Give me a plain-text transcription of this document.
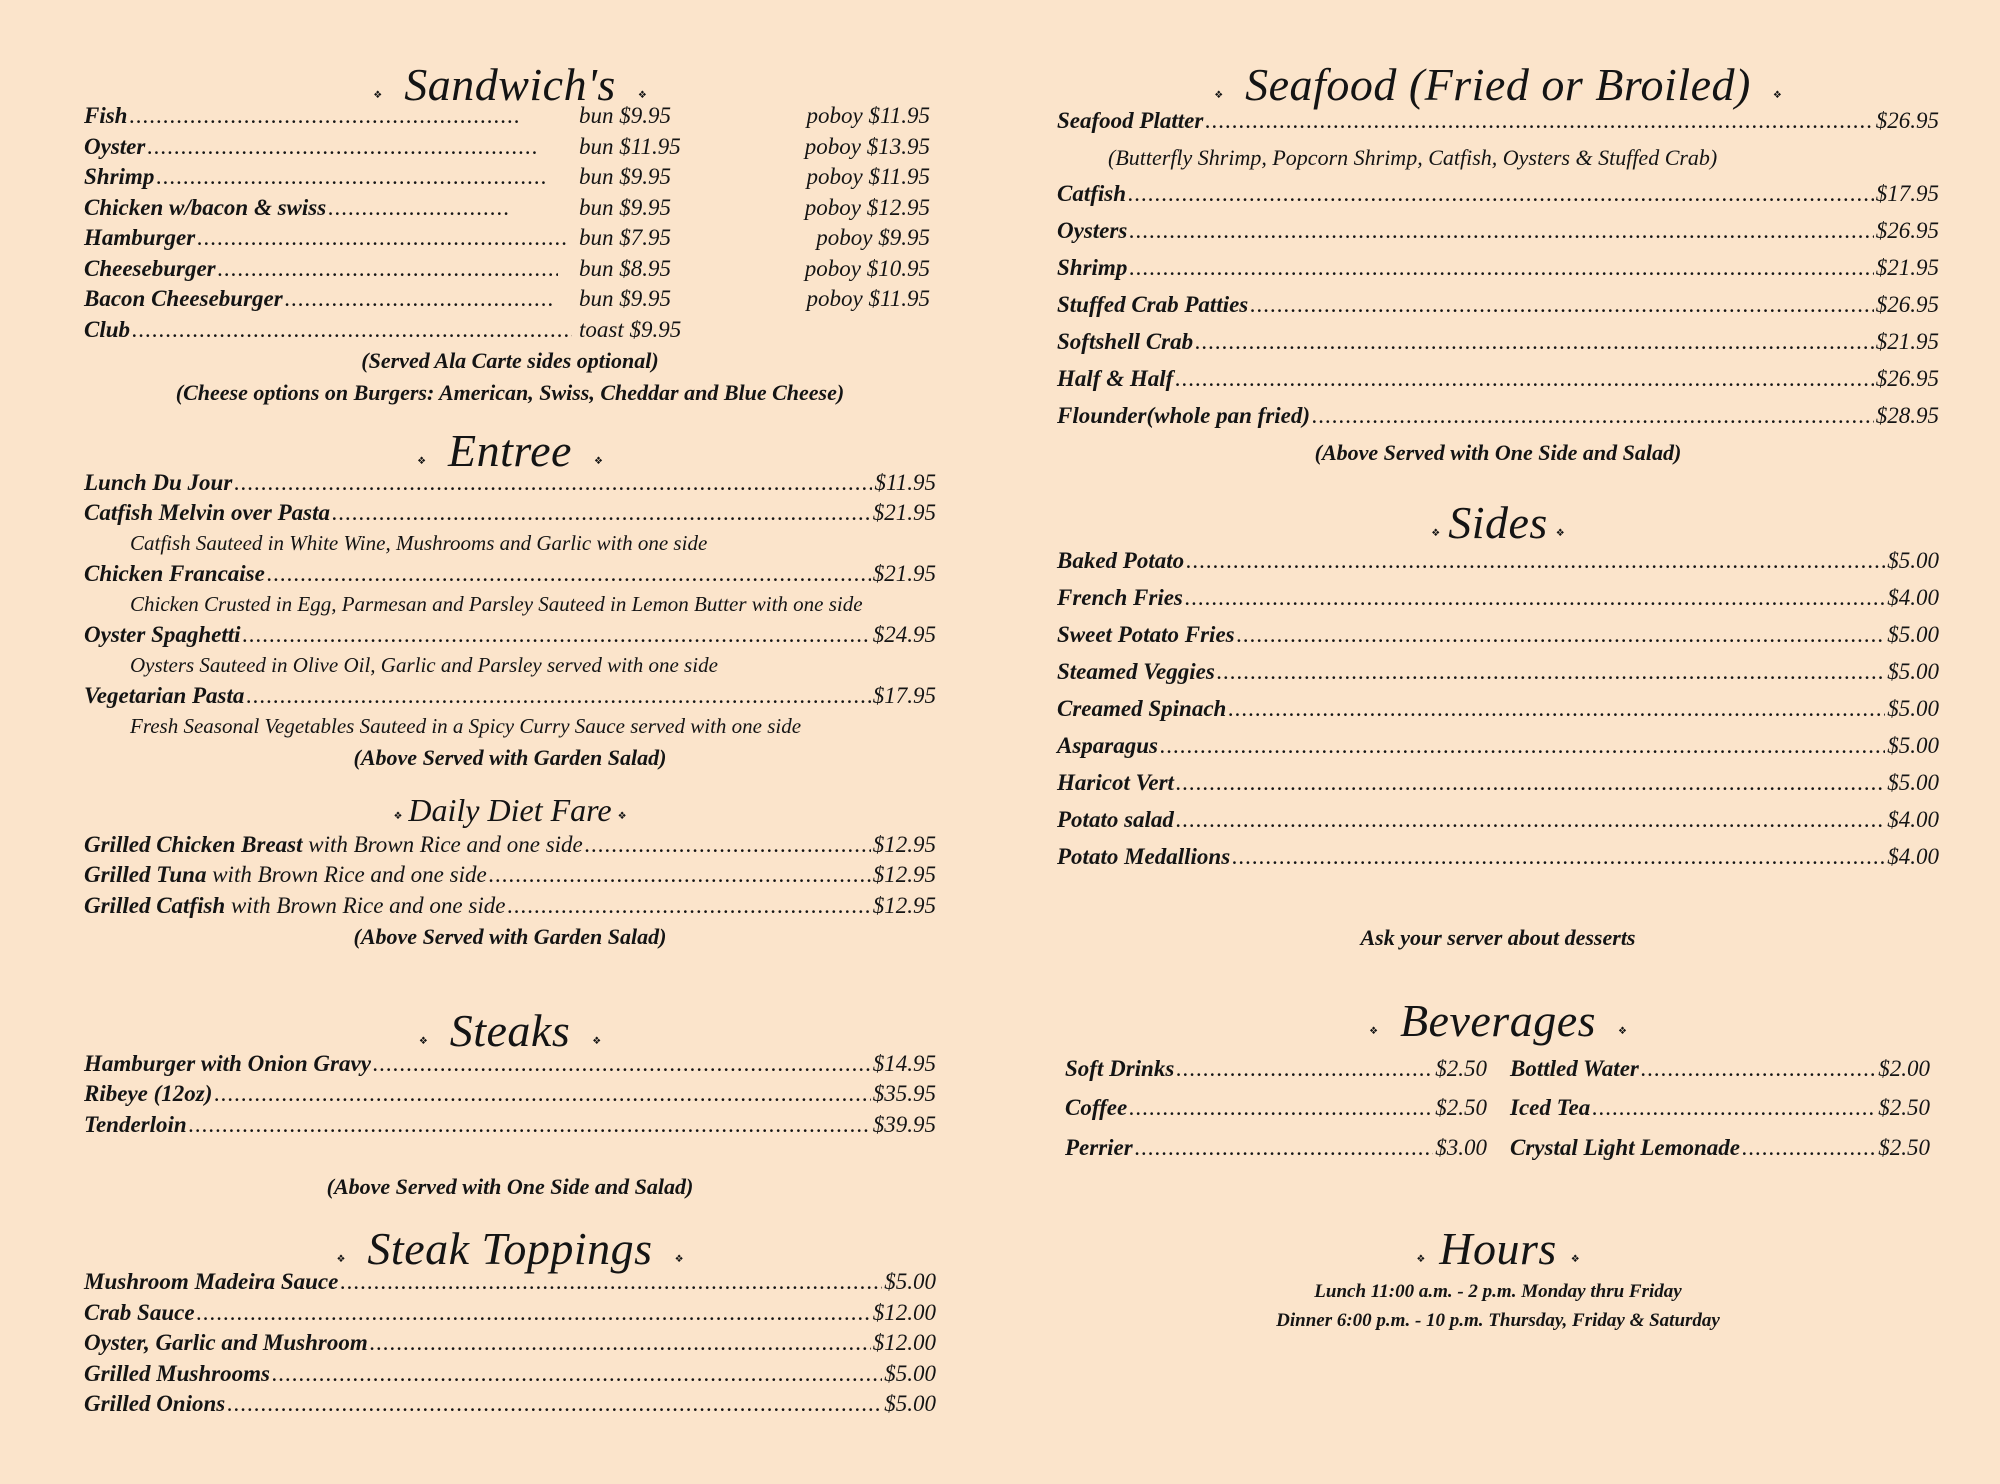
❖ Sandwich's ❖
Fish .....	bun $9.95	poboy $11.95
Oyster .....	bun $11.95	poboy $13.95
Shrimp .....	bun $9.95	poboy $11.95
Chicken w/bacon & swiss .....	bun $9.95	poboy $12.95
Hamburger .....	bun $7.95	poboy $9.95
Cheeseburger .....	bun $8.95	poboy $10.95
Bacon Cheeseburger .....	bun $9.95	poboy $11.95
Club .....	toast $9.95
(Served Ala Carte sides optional)
(Cheese options on Burgers: American, Swiss, Cheddar and Blue Cheese)
❖ Entree ❖
Lunch Du Jour .....	$11.95
Catfish Melvin over Pasta .....	$21.95
Catfish Sauteed in White Wine, Mushrooms and Garlic with one side
Chicken Francaise .....	$21.95
Chicken Crusted in Egg, Parmesan and Parsley Sauteed in Lemon Butter with one side
Oyster Spaghetti .....	$24.95
Oysters Sauteed in Olive Oil, Garlic and Parsley served with one side
Vegetarian Pasta .....	$17.95
Fresh Seasonal Vegetables Sauteed in a Spicy Curry Sauce served with one side
(Above Served with Garden Salad)
❖ Daily Diet Fare ❖
Grilled Chicken Breast with Brown Rice and one side .....	$12.95
Grilled Tuna with Brown Rice and one side .....	$12.95
Grilled Catfish with Brown Rice and one side .....	$12.95
(Above Served with Garden Salad)
❖ Steaks ❖
Hamburger with Onion Gravy .....	$14.95
Ribeye (12oz) .....	$35.95
Tenderloin .....	$39.95
(Above Served with One Side and Salad)
❖ Steak Toppings ❖
Mushroom Madeira Sauce .....	$5.00
Crab Sauce .....	$12.00
Oyster, Garlic and Mushroom .....	$12.00
Grilled Mushrooms .....	$5.00
Grilled Onions .....	$5.00
❖ Seafood (Fried or Broiled) ❖
Seafood Platter .....	$26.95
(Butterfly Shrimp, Popcorn Shrimp, Catfish, Oysters & Stuffed Crab)
Catfish .....	$17.95
Oysters .....	$26.95
Shrimp .....	$21.95
Stuffed Crab Patties .....	$26.95
Softshell Crab .....	$21.95
Half & Half .....	$26.95
Flounder(whole pan fried) .....	$28.95
(Above Served with One Side and Salad)
❖ Sides ❖
Baked Potato .....	$5.00
French Fries .....	$4.00
Sweet Potato Fries .....	$5.00
Steamed Veggies .....	$5.00
Creamed Spinach .....	$5.00
Asparagus .....	$5.00
Haricot Vert .....	$5.00
Potato salad .....	$4.00
Potato Medallions .....	$4.00
Ask your server about desserts
❖ Beverages ❖
Soft Drinks .....	$2.50
Coffee .....	$2.50
Perrier .....	$3.00
Bottled Water .....	$2.00
Iced Tea .....	$2.50
Crystal Light Lemonade .....	$2.50
❖ Hours ❖
Lunch 11:00 a.m. - 2 p.m. Monday thru Friday
Dinner 6:00 p.m. - 10 p.m. Thursday, Friday & Saturday
